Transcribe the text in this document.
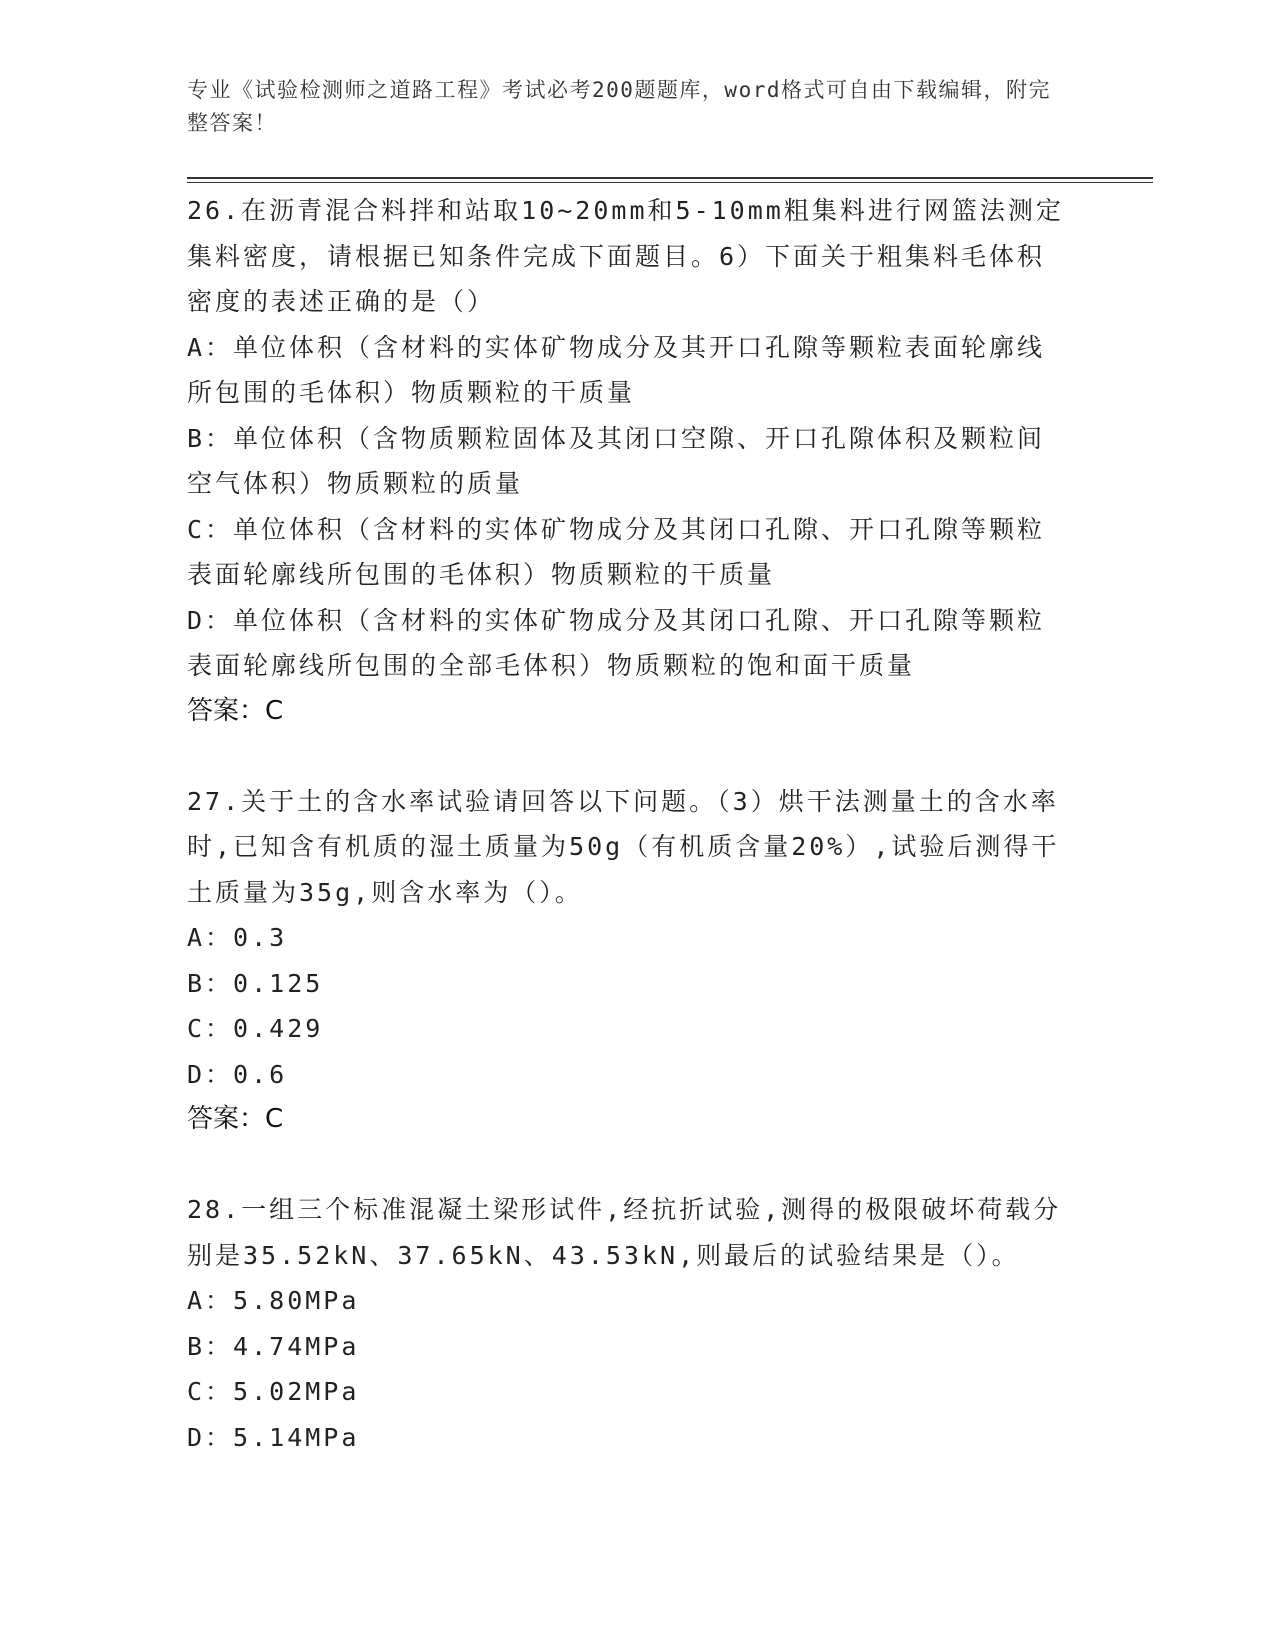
专业《试验检测师之道路工程》考试必考200题题库，word格式可自由下载编辑，附完整答案！

26.在沥青混合料拌和站取10~20mm和5-10mm粗集料进行网篮法测定集料密度，请根据已知条件完成下面题目。6）下面关于粗集料毛体积密度的表述正确的是（）

A：单位体积（含材料的实体矿物成分及其开口孔隙等颗粒表面轮廓线所包围的毛体积）物质颗粒的干质量

B：单位体积（含物质颗粒固体及其闭口空隙、开口孔隙体积及颗粒间空气体积）物质颗粒的质量

C：单位体积（含材料的实体矿物成分及其闭口孔隙、开口孔隙等颗粒表面轮廓线所包围的毛体积）物质颗粒的干质量

D：单位体积（含材料的实体矿物成分及其闭口孔隙、开口孔隙等颗粒表面轮廓线所包围的全部毛体积）物质颗粒的饱和面干质量

答案：C

27.关于土的含水率试验请回答以下问题。（3）烘干法测量土的含水率时,已知含有机质的湿土质量为50g（有机质含量20%）,试验后测得干土质量为35g,则含水率为（）。

A：0.3

B：0.125

C：0.429

D：0.6

答案：C

28.一组三个标准混凝土梁形试件,经抗折试验,测得的极限破坏荷载分别是35.52kN、37.65kN、43.53kN,则最后的试验结果是（）。

A：5.80MPa

B：4.74MPa

C：5.02MPa

D：5.14MPa
